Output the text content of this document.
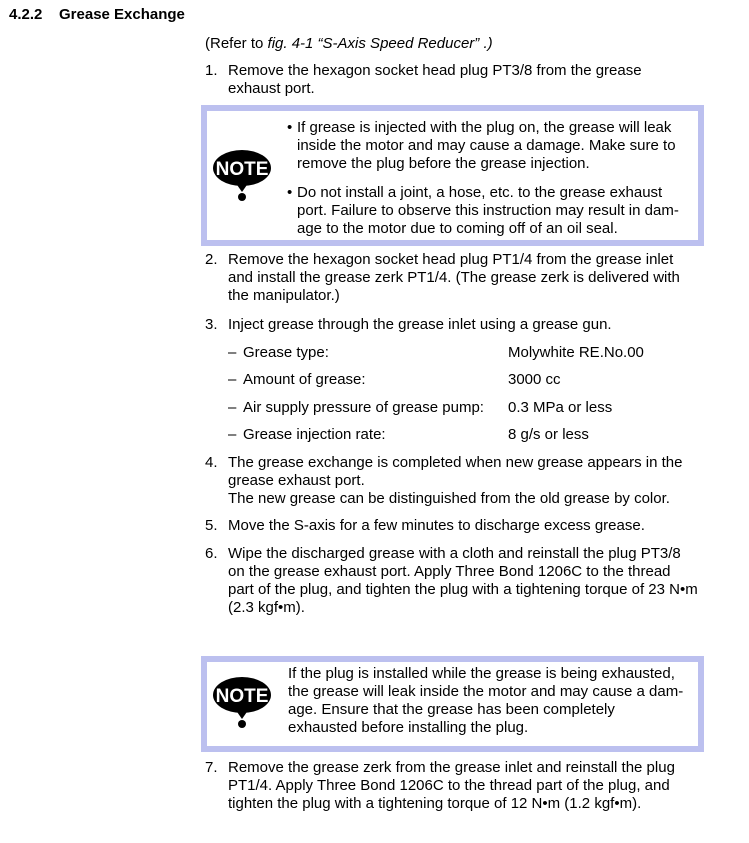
4.2.2 Grease Exchange
(Refer to fig. 4-1 “S-Axis Speed Reducer” .)
1. Remove the hexagon socket head plug PT3/8 from the grease
exhaust port.
NOTE
• If grease is injected with the plug on, the grease will leak
inside the motor and may cause a damage. Make sure to
remove the plug before the grease injection.
• Do not install a joint, a hose, etc. to the grease exhaust
port. Failure to observe this instruction may result in dam-
age to the motor due to coming off of an oil seal.
2. Remove the hexagon socket head plug PT1/4 from the grease inlet
and install the grease zerk PT1/4. (The grease zerk is delivered with
the manipulator.)
3. Inject grease through the grease inlet using a grease gun.
– Grease type:	Molywhite RE.No.00
– Amount of grease:	3000 cc
– Air supply pressure of grease pump: 0.3 MPa or less
– Grease injection rate:	8 g/s or less
4. The grease exchange is completed when new grease appears in the
grease exhaust port.
The new grease can be distinguished from the old grease by color.
5. Move the S-axis for a few minutes to discharge excess grease.
6. Wipe the discharged grease with a cloth and reinstall the plug PT3/8
on the grease exhaust port. Apply Three Bond 1206C to the thread
part of the plug, and tighten the plug with a tightening torque of 23 N•m
(2.3 kgf•m).
NOTE
If the plug is installed while the grease is being exhausted,
the grease will leak inside the motor and may cause a dam-
age. Ensure that the grease has been completely
exhausted before installing the plug.
7. Remove the grease zerk from the grease inlet and reinstall the plug
PT1/4. Apply Three Bond 1206C to the thread part of the plug, and
tighten the plug with a tightening torque of 12 N•m (1.2 kgf•m).
